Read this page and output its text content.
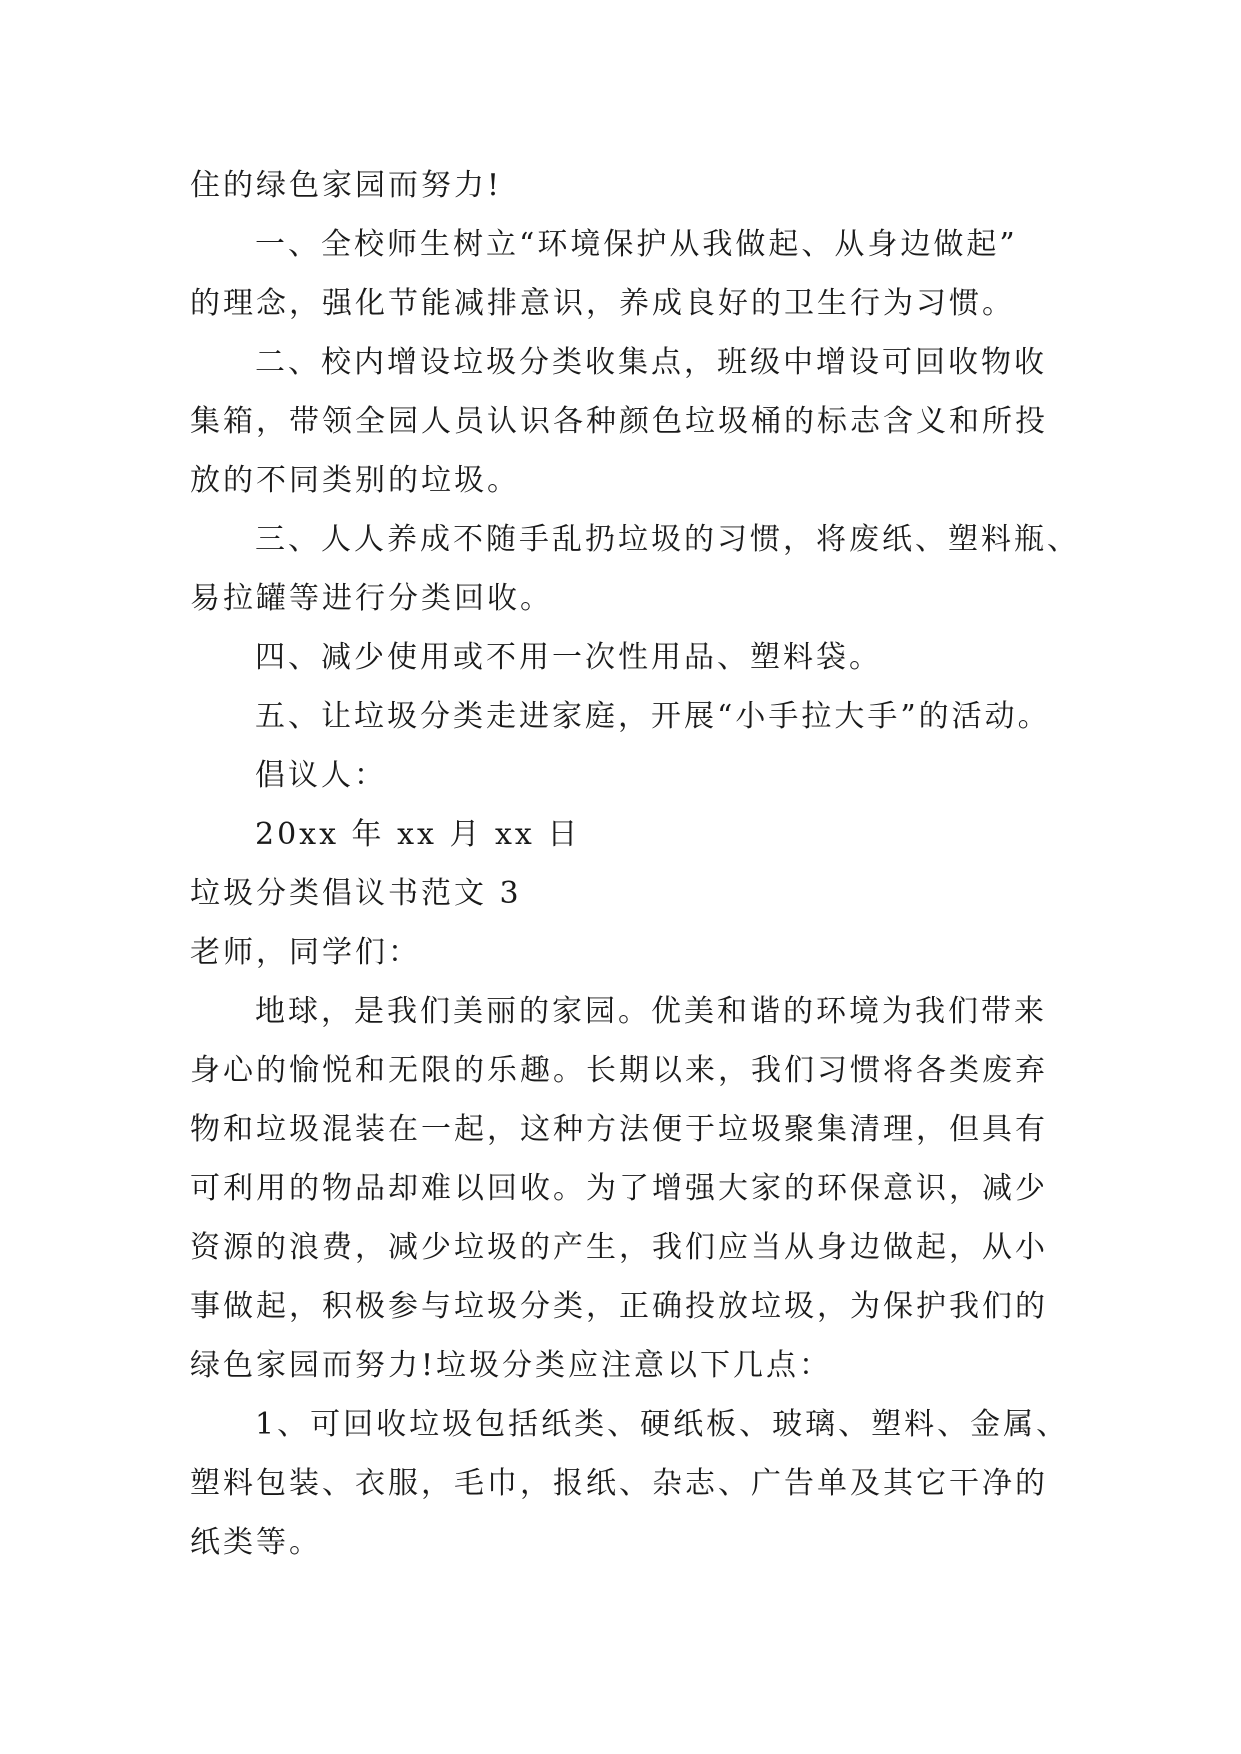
住的绿色家园而努力!
一、全校师生树立“环境保护从我做起、从身边做起”
的理念，强化节能减排意识，养成良好的卫生行为习惯。
二、校内增设垃圾分类收集点，班级中增设可回收物收
集箱，带领全园人员认识各种颜色垃圾桶的标志含义和所投
放的不同类别的垃圾。
三、人人养成不随手乱扔垃圾的习惯，将废纸、塑料瓶、
易拉罐等进行分类回收。
四、减少使用或不用一次性用品、塑料袋。
五、让垃圾分类走进家庭，开展“小手拉大手”的活动。
倡议人：
20xx 年 xx 月 xx 日
垃圾分类倡议书范文 3
老师，同学们：
地球，是我们美丽的家园。优美和谐的环境为我们带来
身心的愉悦和无限的乐趣。长期以来，我们习惯将各类废弃
物和垃圾混装在一起，这种方法便于垃圾聚集清理，但具有
可利用的物品却难以回收。为了增强大家的环保意识，减少
资源的浪费，减少垃圾的产生，我们应当从身边做起，从小
事做起，积极参与垃圾分类，正确投放垃圾，为保护我们的
绿色家园而努力!垃圾分类应注意以下几点：
1、可回收垃圾包括纸类、硬纸板、玻璃、塑料、金属、
塑料包装、衣服，毛巾，报纸、杂志、广告单及其它干净的
纸类等。
